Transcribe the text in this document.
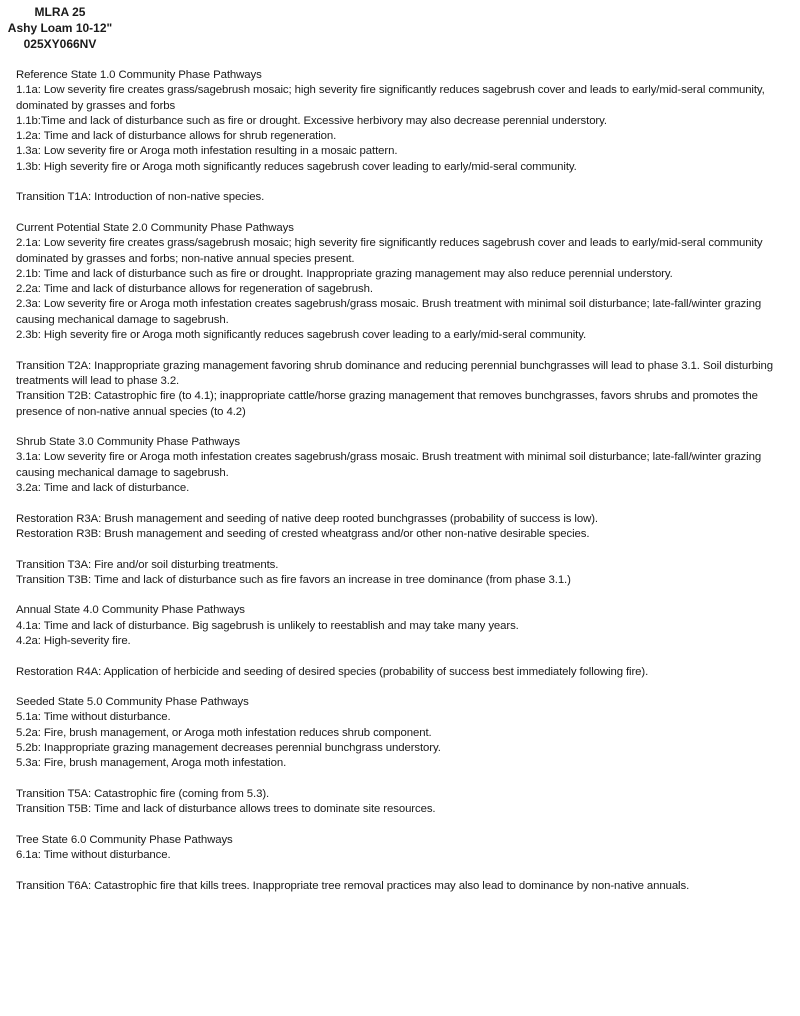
MLRA 25
Ashy Loam 10-12"
025XY066NV
Reference State 1.0 Community Phase Pathways
1.1a: Low severity fire creates grass/sagebrush mosaic; high severity fire significantly reduces sagebrush cover and leads to early/mid-seral community, dominated by grasses and forbs
1.1b:Time and lack of disturbance such as fire or drought. Excessive herbivory may also decrease perennial understory.
1.2a: Time and lack of disturbance allows for shrub regeneration.
1.3a: Low severity fire or Aroga moth infestation resulting in a mosaic pattern.
1.3b: High severity fire or Aroga moth significantly reduces sagebrush cover leading to early/mid-seral community.
Transition T1A: Introduction of non-native species.
Current Potential State 2.0 Community Phase Pathways
2.1a: Low severity fire creates grass/sagebrush mosaic; high severity fire significantly reduces sagebrush cover and leads to early/mid-seral community dominated by grasses and forbs; non-native annual species present.
2.1b: Time and lack of disturbance such as fire or drought. Inappropriate grazing management may also reduce perennial understory.
2.2a: Time and lack of disturbance allows for regeneration of sagebrush.
2.3a: Low severity fire or Aroga moth infestation creates sagebrush/grass mosaic. Brush treatment with minimal soil disturbance; late-fall/winter grazing causing mechanical damage to sagebrush.
2.3b: High severity fire or Aroga moth significantly reduces sagebrush cover leading to a early/mid-seral community.
Transition T2A: Inappropriate grazing management favoring shrub dominance and reducing perennial bunchgrasses will lead to phase 3.1. Soil disturbing treatments will lead to phase 3.2.
Transition T2B: Catastrophic fire (to 4.1); inappropriate cattle/horse grazing management that removes bunchgrasses, favors shrubs and promotes the presence of non-native annual species (to 4.2)
Shrub State 3.0 Community Phase Pathways
3.1a: Low severity fire or Aroga moth infestation creates sagebrush/grass mosaic. Brush treatment with minimal soil disturbance; late-fall/winter grazing causing mechanical damage to sagebrush.
3.2a: Time and lack of disturbance.
Restoration R3A: Brush management and seeding of native deep rooted bunchgrasses (probability of success is low).
Restoration R3B: Brush management and seeding of crested wheatgrass and/or other non-native desirable species.
Transition T3A: Fire and/or soil disturbing treatments.
Transition T3B: Time and lack of disturbance such as fire favors an increase in tree dominance (from phase 3.1.)
Annual State 4.0 Community Phase Pathways
4.1a: Time and lack of disturbance. Big sagebrush is unlikely to reestablish and may take many years.
4.2a: High-severity fire.
Restoration R4A: Application of herbicide and seeding of desired species (probability of success best immediately following fire).
Seeded State 5.0 Community Phase Pathways
5.1a: Time without disturbance.
5.2a: Fire, brush management, or Aroga moth infestation reduces shrub component.
5.2b: Inappropriate grazing management decreases perennial bunchgrass understory.
5.3a: Fire, brush management, Aroga moth infestation.
Transition T5A: Catastrophic fire (coming from 5.3).
Transition T5B: Time and lack of disturbance allows trees to dominate site resources.
Tree State 6.0 Community Phase Pathways
6.1a: Time without disturbance.
Transition T6A: Catastrophic fire that kills trees. Inappropriate tree removal practices may also lead to dominance by non-native annuals.
